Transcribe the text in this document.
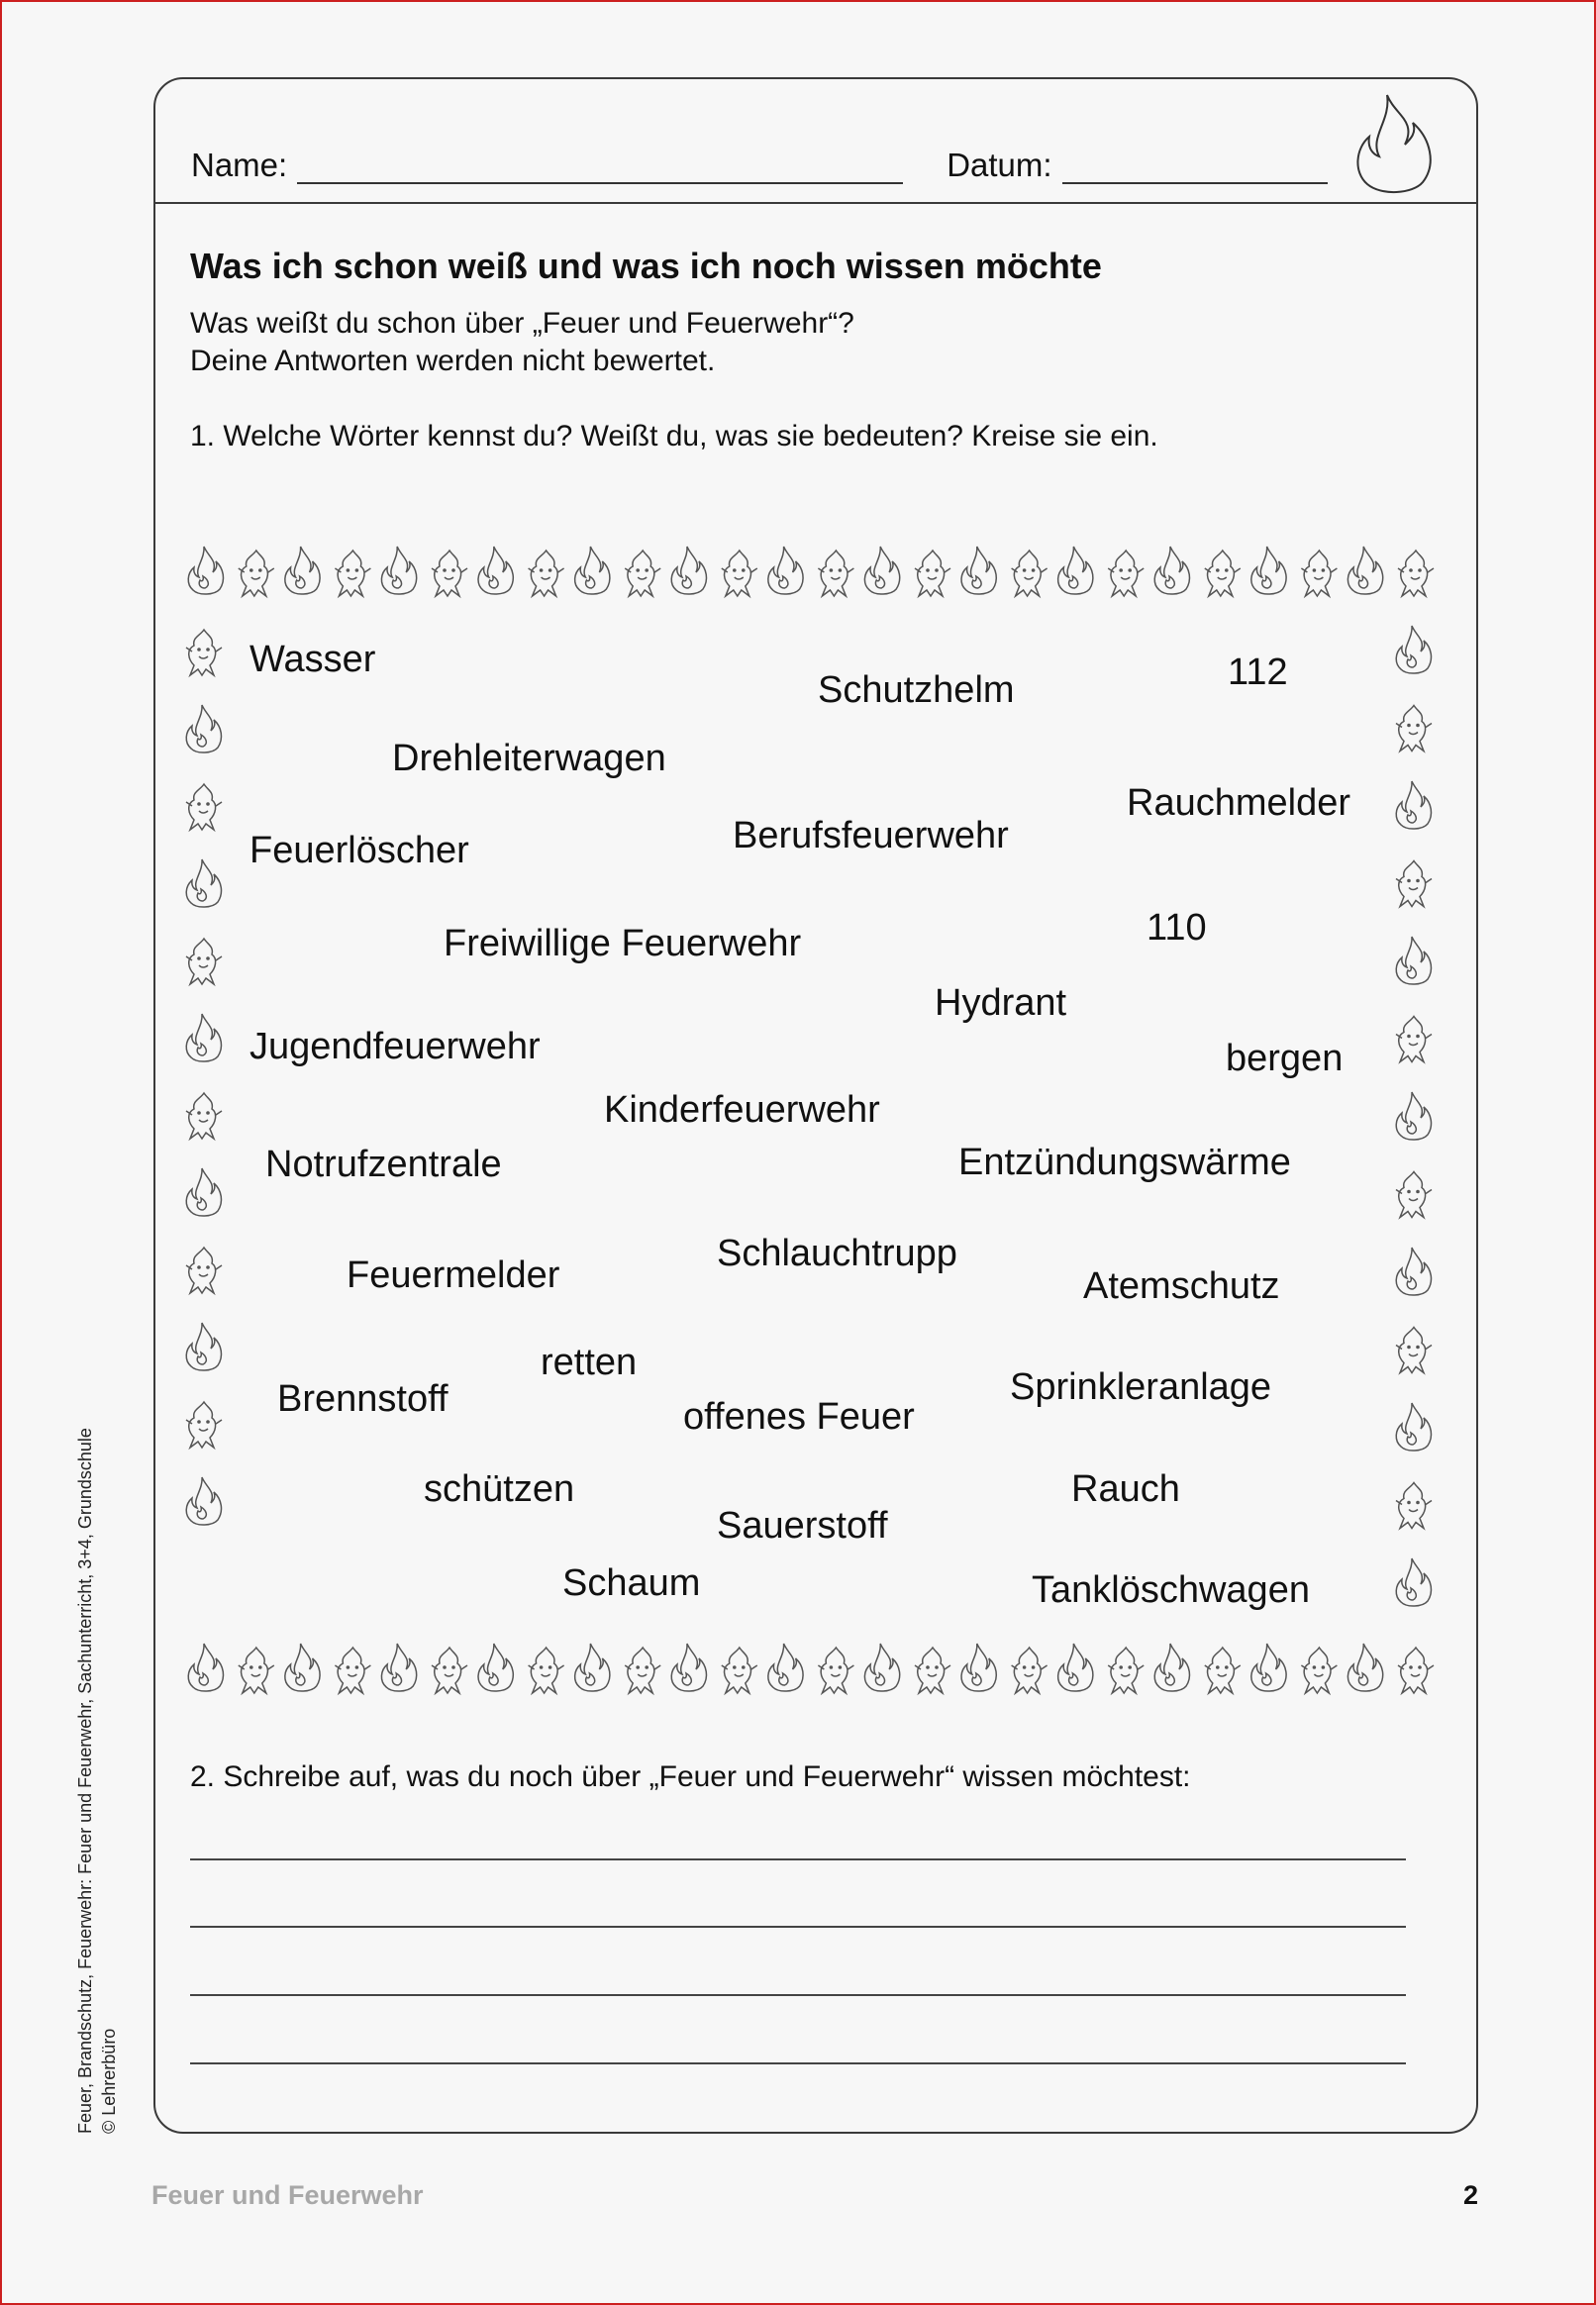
Name:	Datum:
Was ich schon weiß und was ich noch wissen möchte
Was weißt du schon über „Feuer und Feuerwehr“?
Deine Antworten werden nicht bewertet.
1. Welche Wörter kennst du? Weißt du, was sie bedeuten? Kreise sie ein.
Wasser
Schutzhelm	112
Drehleiterwagen
Rauchmelder
Feuerlöscher	Berufsfeuerwehr
Freiwillige Feuerwehr	110
Hydrant
Jugendfeuerwehr	bergen
Kinderfeuerwehr
Notrufzentrale	Entzündungswärme
Schlauchtrupp
Feuermelder	Atemschutz
retten
Brennstoff	Sprinkleranlage
offenes Feuer
schützen	Rauch
Sauerstoff
Schaum	Tanklöschwagen
2. Schreibe auf, was du noch über „Feuer und Feuerwehr“ wissen möchtest:
Feuer, Brandschutz, Feuerwehr: Feuer und Feuerwehr, Sachunterricht, 3+4, Grundschule © Lehrerbüro
Feuer und Feuerwehr	2
